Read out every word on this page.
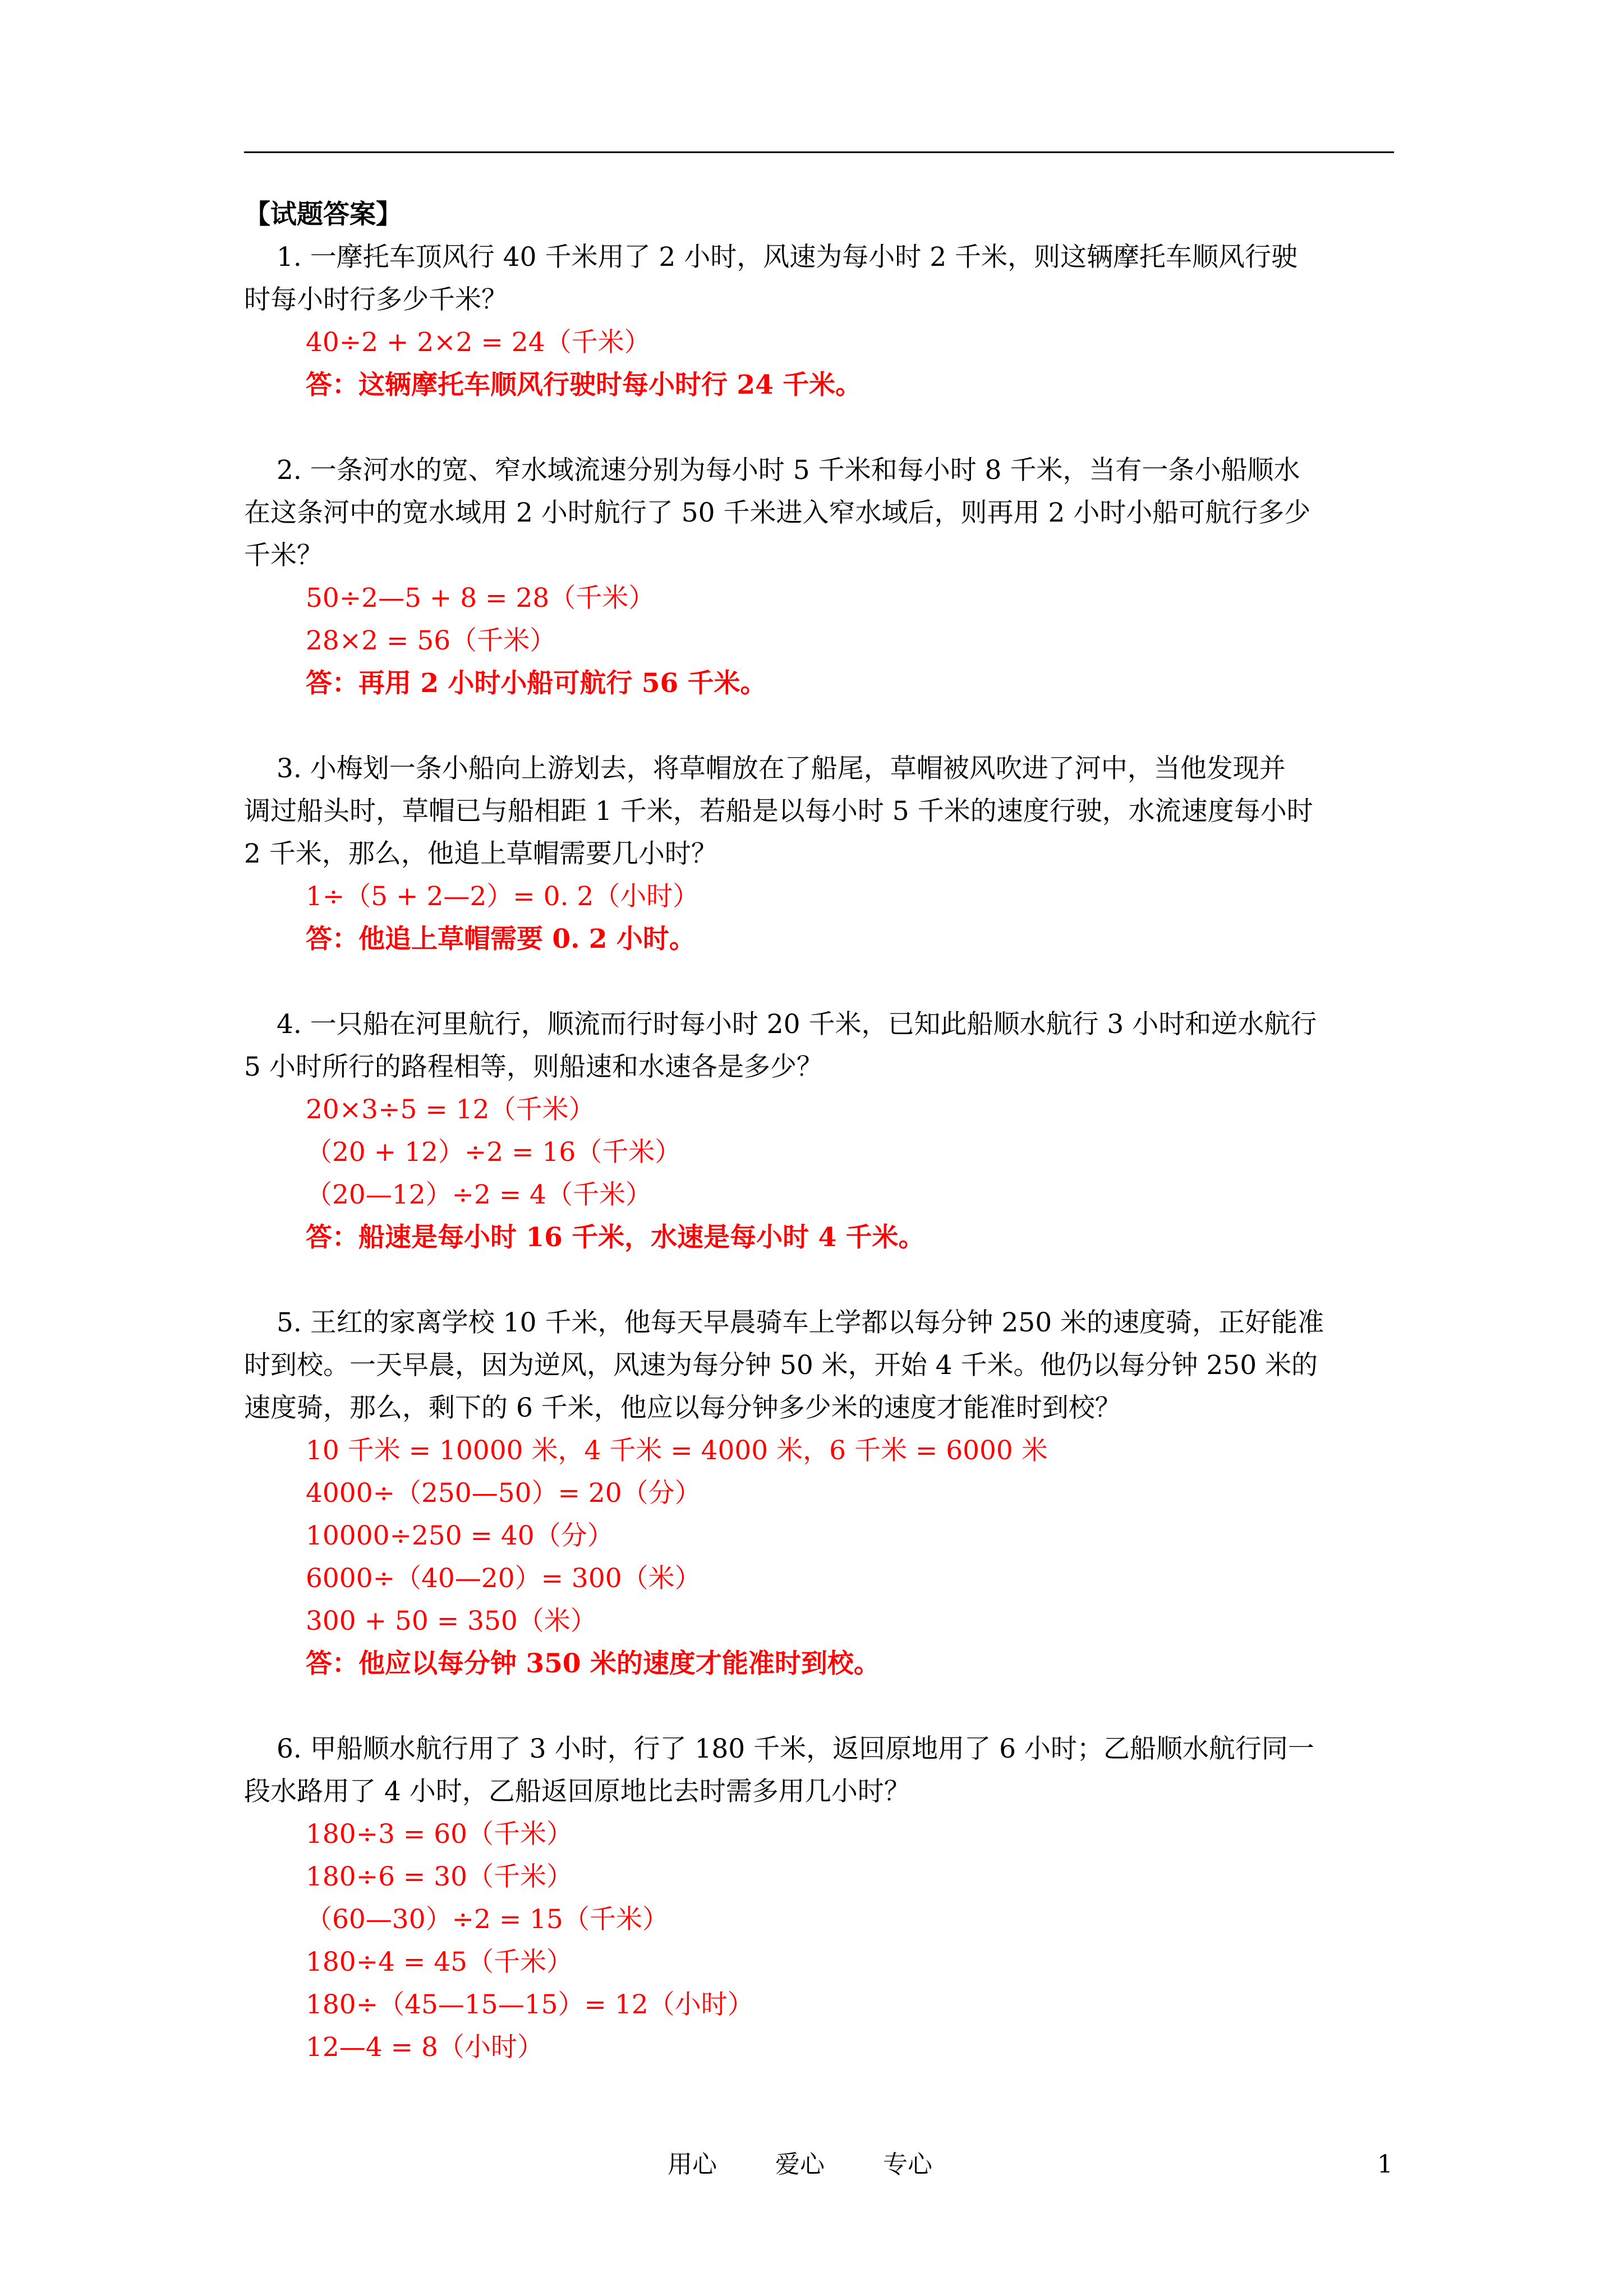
【试题答案】
1. 一摩托车顶风行 40 千米用了 2 小时，风速为每小时 2 千米，则这辆摩托车顺风行驶
时每小时行多少千米？
40÷2 + 2×2 = 24（千米）
答：这辆摩托车顺风行驶时每小时行 24 千米。
2. 一条河水的宽、窄水域流速分别为每小时 5 千米和每小时 8 千米，当有一条小船顺水
在这条河中的宽水域用 2 小时航行了 50 千米进入窄水域后，则再用 2 小时小船可航行多少
千米？
50÷2—5 + 8 = 28（千米）
28×2 = 56（千米）
答：再用 2 小时小船可航行 56 千米。
3. 小梅划一条小船向上游划去，将草帽放在了船尾，草帽被风吹进了河中，当他发现并
调过船头时，草帽已与船相距 1 千米，若船是以每小时 5 千米的速度行驶，水流速度每小时
2 千米，那么，他追上草帽需要几小时？
1÷（5 + 2—2）= 0. 2（小时）
答：他追上草帽需要 0. 2 小时。
4. 一只船在河里航行，顺流而行时每小时 20 千米，已知此船顺水航行 3 小时和逆水航行
5 小时所行的路程相等，则船速和水速各是多少？
20×3÷5 = 12（千米）
（20 + 12）÷2 = 16（千米）
（20—12）÷2 = 4（千米）
答：船速是每小时 16 千米，水速是每小时 4 千米。
5. 王红的家离学校 10 千米，他每天早晨骑车上学都以每分钟 250 米的速度骑，正好能准
时到校。一天早晨，因为逆风，风速为每分钟 50 米，开始 4 千米。他仍以每分钟 250 米的
速度骑，那么，剩下的 6 千米，他应以每分钟多少米的速度才能准时到校？
10 千米 = 10000 米，4 千米 = 4000 米，6 千米 = 6000 米
4000÷（250—50）= 20（分）
10000÷250 = 40（分）
6000÷（40—20）= 300（米）
300 + 50 = 350（米）
答：他应以每分钟 350 米的速度才能准时到校。
6. 甲船顺水航行用了 3 小时，行了 180 千米，返回原地用了 6 小时；乙船顺水航行同一
段水路用了 4 小时，乙船返回原地比去时需多用几小时？
180÷3 = 60（千米）
180÷6 = 30（千米）
（60—30）÷2 = 15（千米）
180÷4 = 45（千米）
180÷（45—15—15）= 12（小时）
12—4 = 8（小时）
用心 爱心 专心	1
